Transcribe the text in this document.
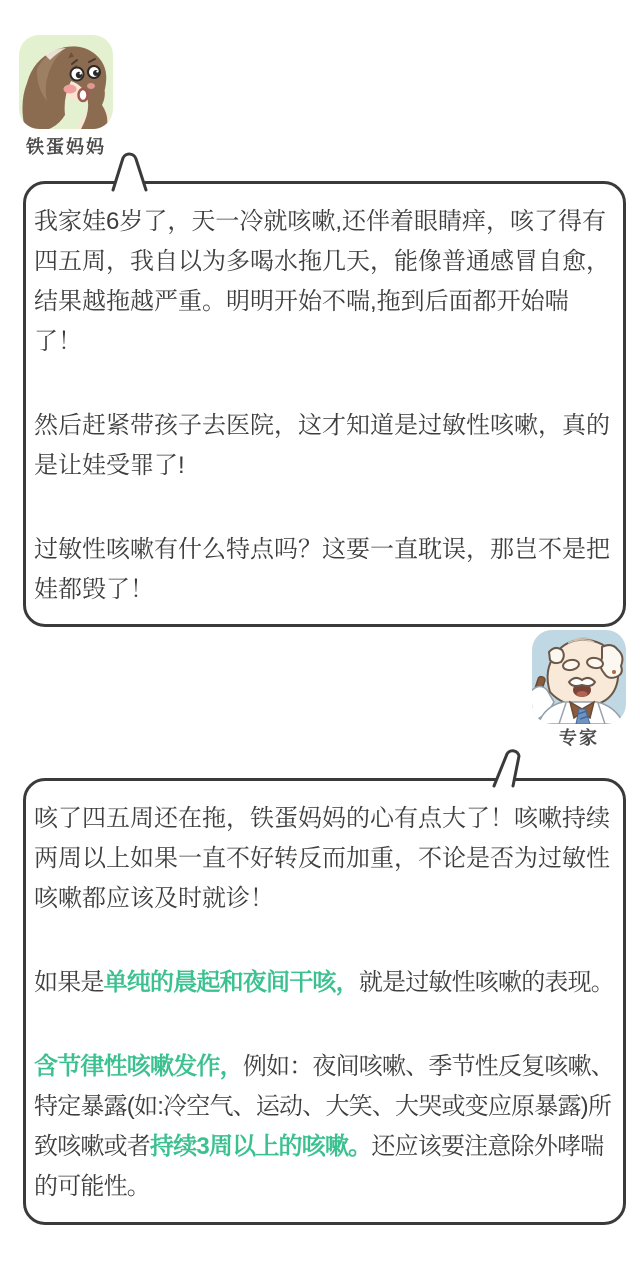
铁蛋妈妈

我家娃6岁了，天一冷就咳嗽,还伴着眼睛痒，咳了得有四五周，我自以为多喝水拖几天，能像普通感冒自愈，结果越拖越严重。明明开始不喘,拖到后面都开始喘了！

然后赶紧带孩子去医院，这才知道是过敏性咳嗽，真的是让娃受罪了!

过敏性咳嗽有什么特点吗？这要一直耽误，那岂不是把娃都毁了！

专家

咳了四五周还在拖，铁蛋妈妈的心有点大了！咳嗽持续两周以上如果一直不好转反而加重，不论是否为过敏性咳嗽都应该及时就诊！

如果是单纯的晨起和夜间干咳，就是过敏性咳嗽的表现。

含节律性咳嗽发作，例如：夜间咳嗽、季节性反复咳嗽、特定暴露(如:冷空气、运动、大笑、大哭或变应原暴露)所致咳嗽或者持续3周以上的咳嗽。还应该要注意除外哮喘的可能性。
